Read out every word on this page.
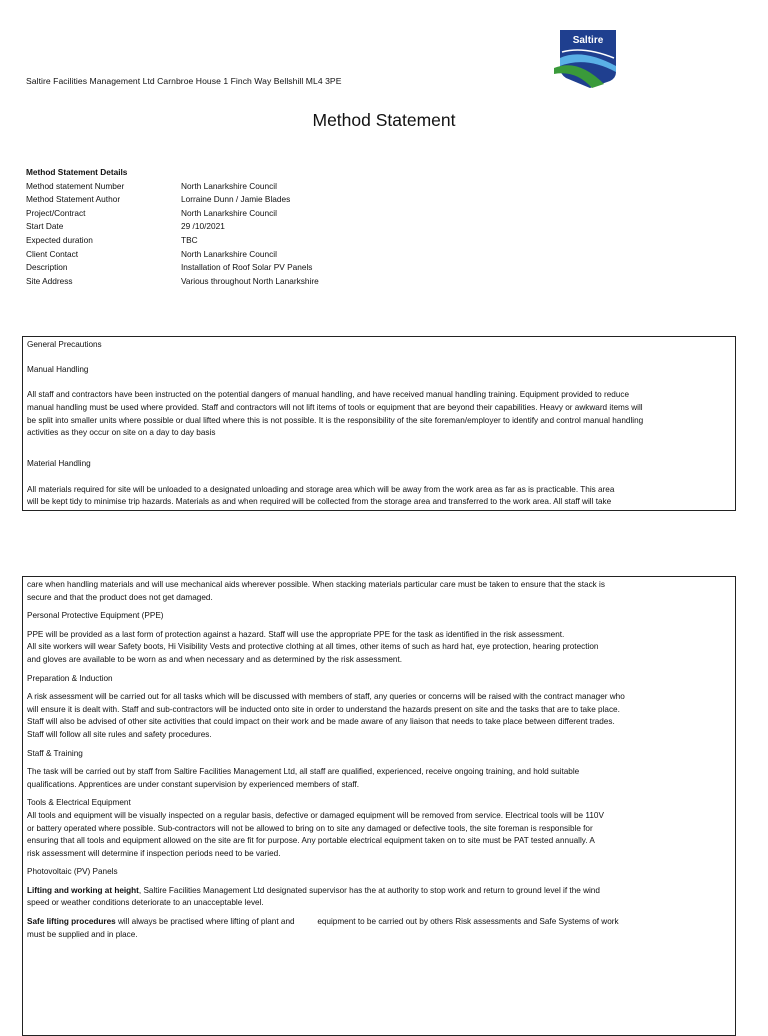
Saltire Facilities Management Ltd Carnbroe House 1 Finch Way Bellshill ML4 3PE
Saltire
Method Statement
Method Statement Details
Method statement Number	North Lanarkshire Council
Method Statement Author	Lorraine Dunn / Jamie Blades
Project/Contract	North Lanarkshire Council
Start Date	29 /10/2021
Expected duration	TBC
Client Contact	North Lanarkshire Council
Description	Installation of Roof Solar PV Panels
Site Address	Various throughout North Lanarkshire

General Precautions

Manual Handling

All staff and contractors have been instructed on the potential dangers of manual handling, and have received manual handling training. Equipment provided to reduce

manual handling must be used where provided. Staff and contractors will not lift items of tools or equipment that are beyond their capabilities. Heavy or awkward items will

be split into smaller units where possible or dual lifted where this is not possible. It is the responsibility of the site foreman/employer to identify and control manual handling

activities as they occur on site on a day to day basis

Material Handling

All materials required for site will be unloaded to a designated unloading and storage area which will be away from the work area as far as is practicable. This area

will be kept tidy to minimise trip hazards. Materials as and when required will be collected from the storage area and transferred to the work area. All staff will take

care when handling materials and will use mechanical aids wherever possible. When stacking materials particular care must be taken to ensure that the stack is

secure and that the product does not get damaged.

Personal Protective Equipment (PPE)

PPE will be provided as a last form of protection against a hazard. Staff will use the appropriate PPE for the task as identified in the risk assessment.

All site workers will wear Safety boots, Hi Visibility Vests and protective clothing at all times, other items of such as hard hat, eye protection, hearing protection

and gloves are available to be worn as and when necessary and as determined by the risk assessment.

Preparation & Induction

A risk assessment will be carried out for all tasks which will be discussed with members of staff, any queries or concerns will be raised with the contract manager who

will ensure it is dealt with. Staff and sub-contractors will be inducted onto site in order to understand the hazards present on site and the tasks that are to take place.

Staff will also be advised of other site activities that could impact on their work and be made aware of any liaison that needs to take place between different trades.

Staff will follow all site rules and safety procedures.

Staff & Training

The task will be carried out by staff from Saltire Facilities Management Ltd, all staff are qualified, experienced, receive ongoing training, and hold suitable

qualifications. Apprentices are under constant supervision by experienced members of staff.

Tools & Electrical Equipment

All tools and equipment will be visually inspected on a regular basis, defective or damaged equipment will be removed from service. Electrical tools will be 110V

or battery operated where possible. Sub-contractors will not be allowed to bring on to site any damaged or defective tools, the site foreman is responsible for

ensuring that all tools and equipment allowed on the site are fit for purpose. Any portable electrical equipment taken on to site must be PAT tested annually. A

risk assessment will determine if inspection periods need to be varied.

Photovoltaic (PV) Panels

Lifting and working at height, Saltire Facilities Management Ltd designated supervisor has the at authority to stop work and return to ground level if the wind

speed or weather conditions deteriorate to an unacceptable level.

Safe lifting procedures will always be practised where lifting of plant and          equipment to be carried out by others Risk assessments and Safe Systems of work

must be supplied and in place.
